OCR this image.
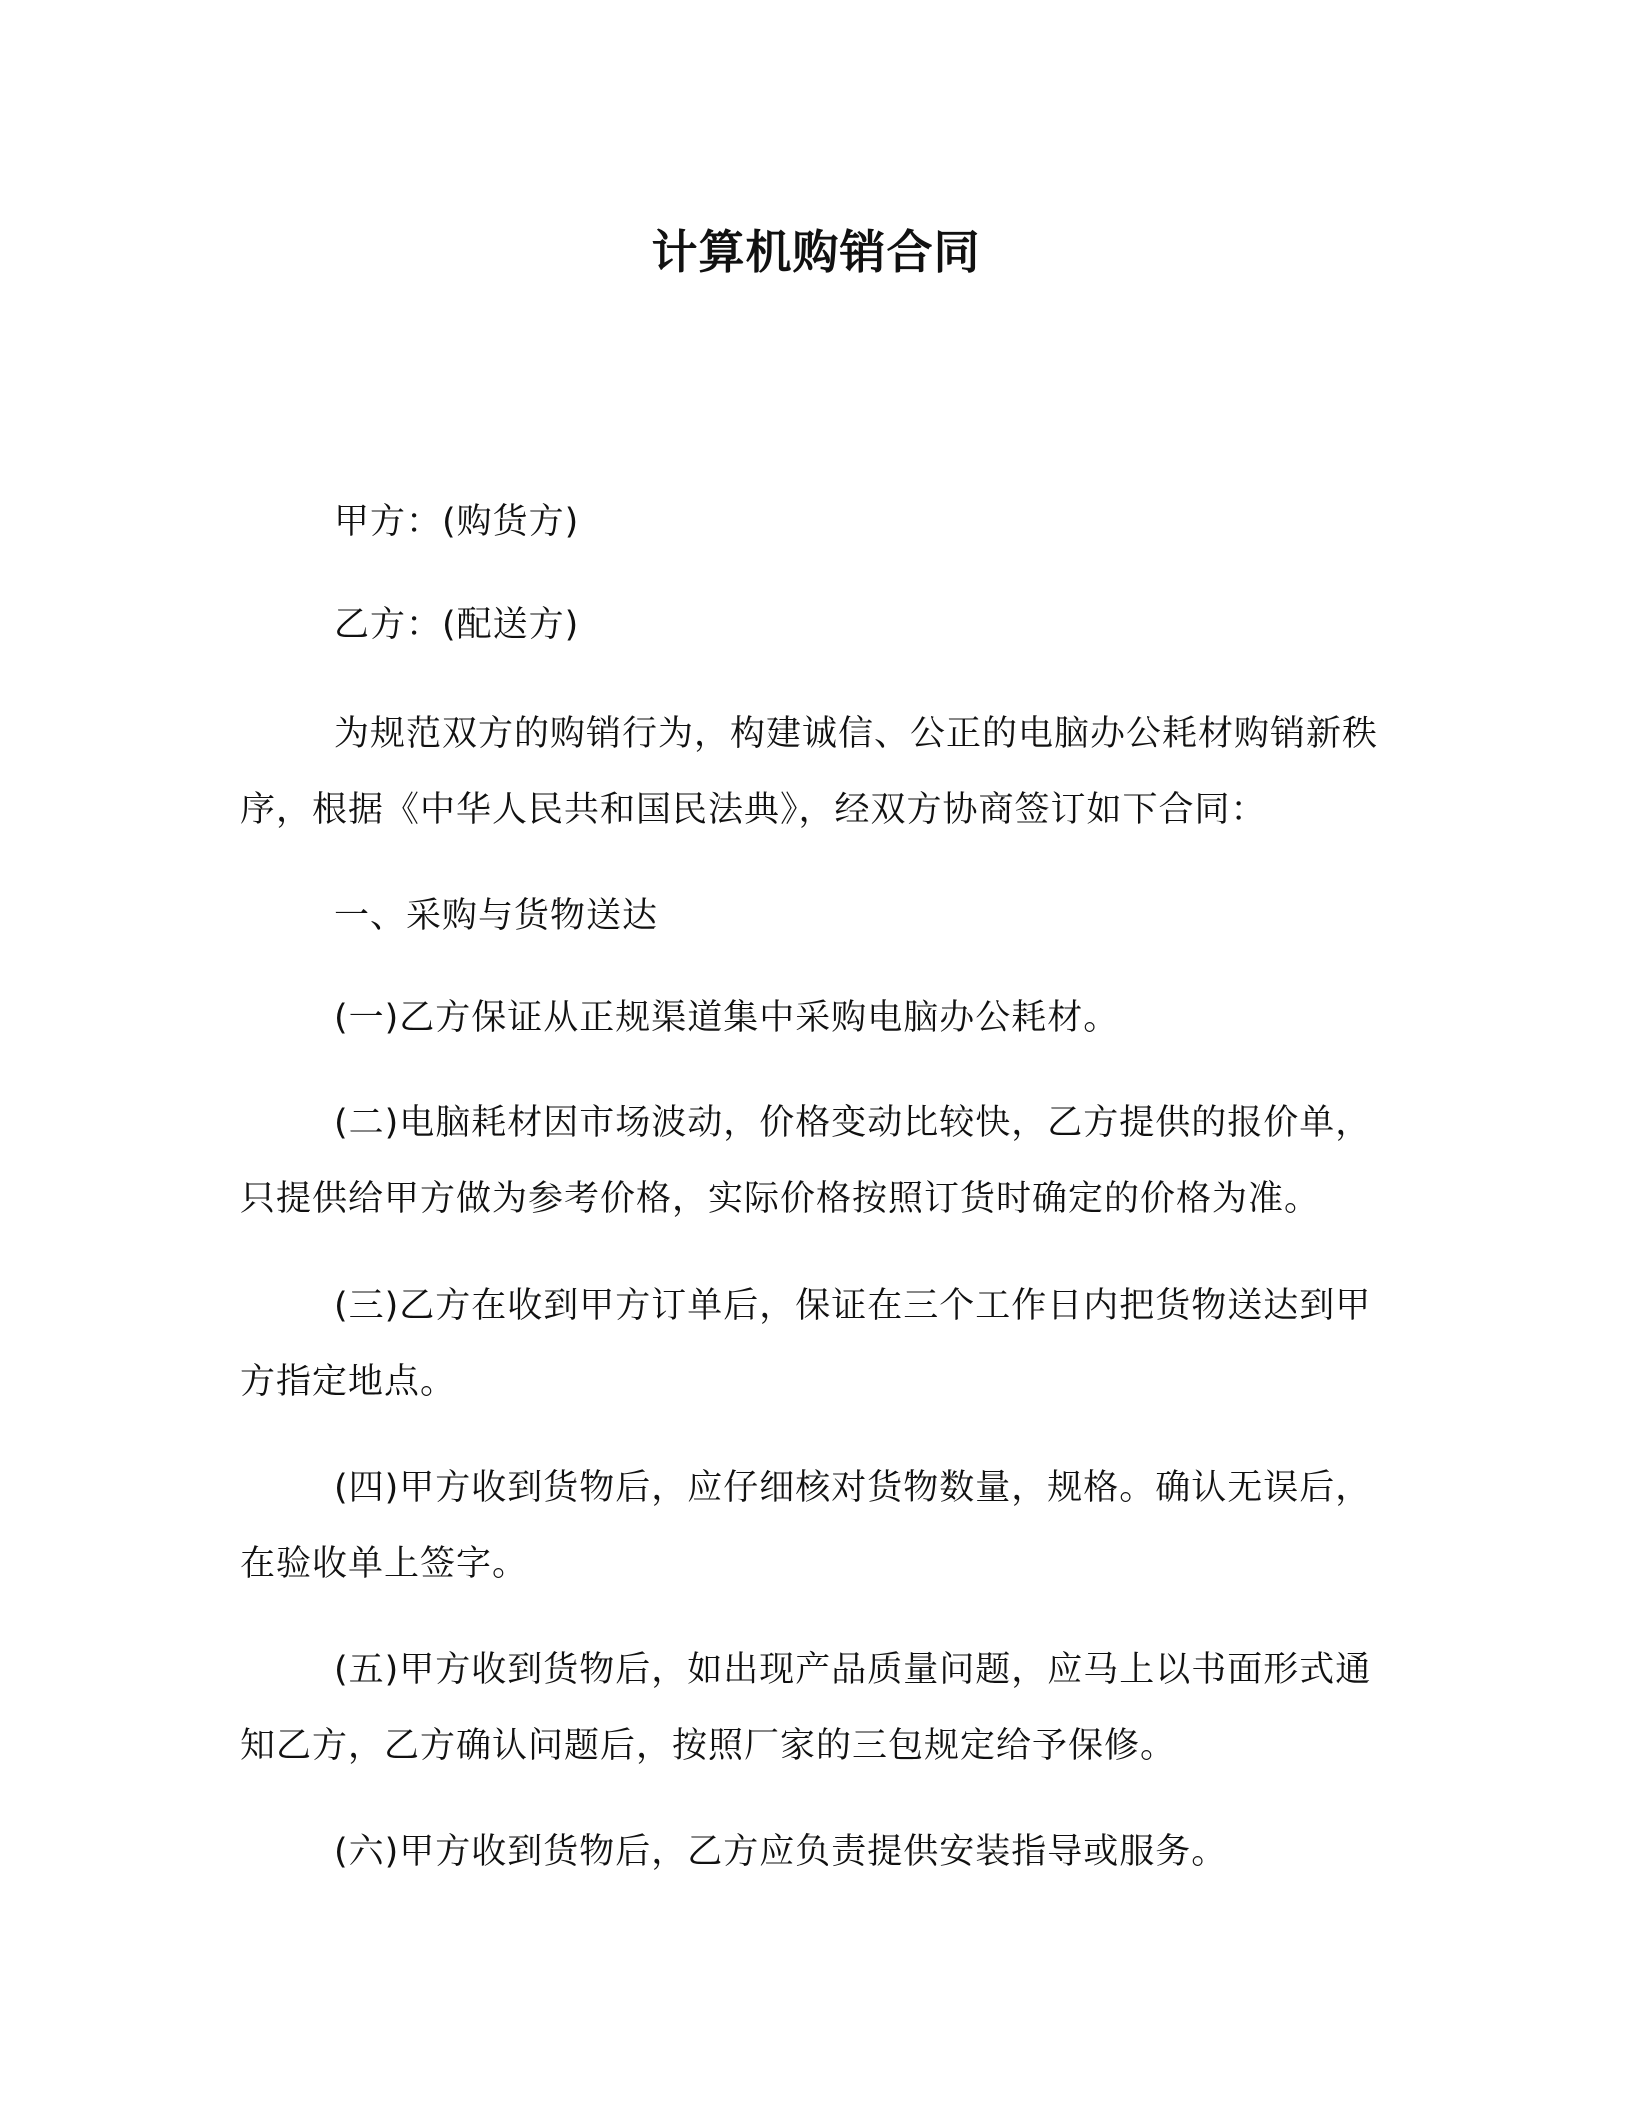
计算机购销合同

甲方：(购货方)

乙方：(配送方)

为规范双方的购销行为，构建诚信、公正的电脑办公耗材购销新秩序，根据《中华人民共和国民法典》，经双方协商签订如下合同：

一、采购与货物送达

(一)乙方保证从正规渠道集中采购电脑办公耗材。

(二)电脑耗材因市场波动，价格变动比较快，乙方提供的报价单，只提供给甲方做为参考价格，实际价格按照订货时确定的价格为准。

(三)乙方在收到甲方订单后，保证在三个工作日内把货物送达到甲方指定地点。

(四)甲方收到货物后，应仔细核对货物数量，规格。确认无误后，在验收单上签字。

(五)甲方收到货物后，如出现产品质量问题，应马上以书面形式通知乙方，乙方确认问题后，按照厂家的三包规定给予保修。

(六)甲方收到货物后，乙方应负责提供安装指导或服务。
